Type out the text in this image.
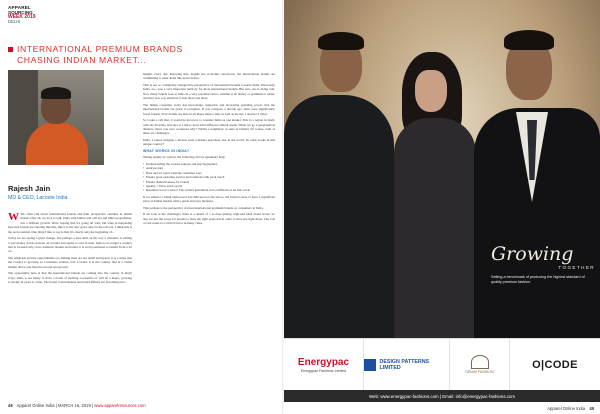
APPAREL
SOURCING
WEEK 2019
DELHI
INTERNATIONAL PREMIUM BRANDS CHASING INDIAN MARKET...
Rajesh Jain
MD & CEO, Lacoste India

W We often talk about international brands and their prospective ventures in Indian market after all, we love to talk. India with billion and odd tea and billion population, has a brilliant growth. We're hoping that it's going all well, but what is happening here that brands are entering like this, like it is the new space and, let me tell you, I think this is the real potential. One thing I like to say is that it's clearly only the beginning of...

Today we are seeing a great change, and perhaps a sure shift, in the way a customer is willing to put money down on more on a brand and aspire to own in trust. India is no longer a country that is focused only on its domestic market and brand, it is well positioned to benefit from a lot of...

The emphasis and the opportunities on clothing lines are not small and hyped, it is a sense that the country is growing as a business venture over a brand, it is the country that is a viable market that is and then the second and growth.

The opportunity here is that the international brands are coming into the country in many ways; India is not likely to have a boom of thriving economics or will be a major, growing economy in years to come. The brand consciousness and brand affinity are becoming new...

heights every day. Knowing this, despite the economic slowdown, the international brands are committing to enter India like never before.

This is not so completely changed the perspective of international brands towards India. Previously India, too, was a very important territory for most international brands. But now one is being told. Now many brands look at India as a very potential sector, whether it be luxury or premium or niche, and they now pay attention to this more and more.

The Indian consumer today has knowledge, aspiration and increasing spending power, that the international brands are quick to recognise. If you compare, a decade ago, there were significantly fewer brands. Now brands are here in all major metro cities as well as the tier 1 and tier 2 cities.

So I take a call that, it would be incorrect to consider India as one market. This is a region in itself, with the diversity and also at a micro level with different cultural needs. When we go a geographical distance (have you ever wondered why? Whilst a neighbour of Asia at China!) Of course, both of these are challenges.

India, I cannot imagine a diverse such a market anywhere else in the world. So what works in this unique country?

WHAT WORKS IN INDIA?

Taking quality as a given, the following factors genuinely help:

• Understanding the various regions and psychographics
• Analyse data
• Base and act upon what the consumer says
• Ensure great customer service and relations with local touch
• Ensure distinctiveness for brands
• Quality > Price and Loyalty
• Retention is not a taboo! The current generation in not different so let this work.

If we adhere to being understood and delivered on the above, the brand is here to have a significant place in Indian market with a quick and easy business.

This perhaps is the perspective of most international premium brands on consumers in India.

If we look at the challenges, there is a dearth of 1 A-class quality, high-end ideal brand stores. So also we see the scope for brands to have the right approach in order to have the right share. The cost of real estate is a critical factor in many cities.

48 Apparel Online India | MARCH 16, 2019 | www.apparelresources.com
Growing
TOGETHER
Setting a benchmark of producing the highest standard of quality premium fashion.
Energypac
Energypac Fashions Limited
DESIGN PATTERNS LIMITED
DENIM FASHION
O|CODE
Web: www.energypac-fashions.com | Email: info@energypac-fashions.com
Apparel Online India 49
